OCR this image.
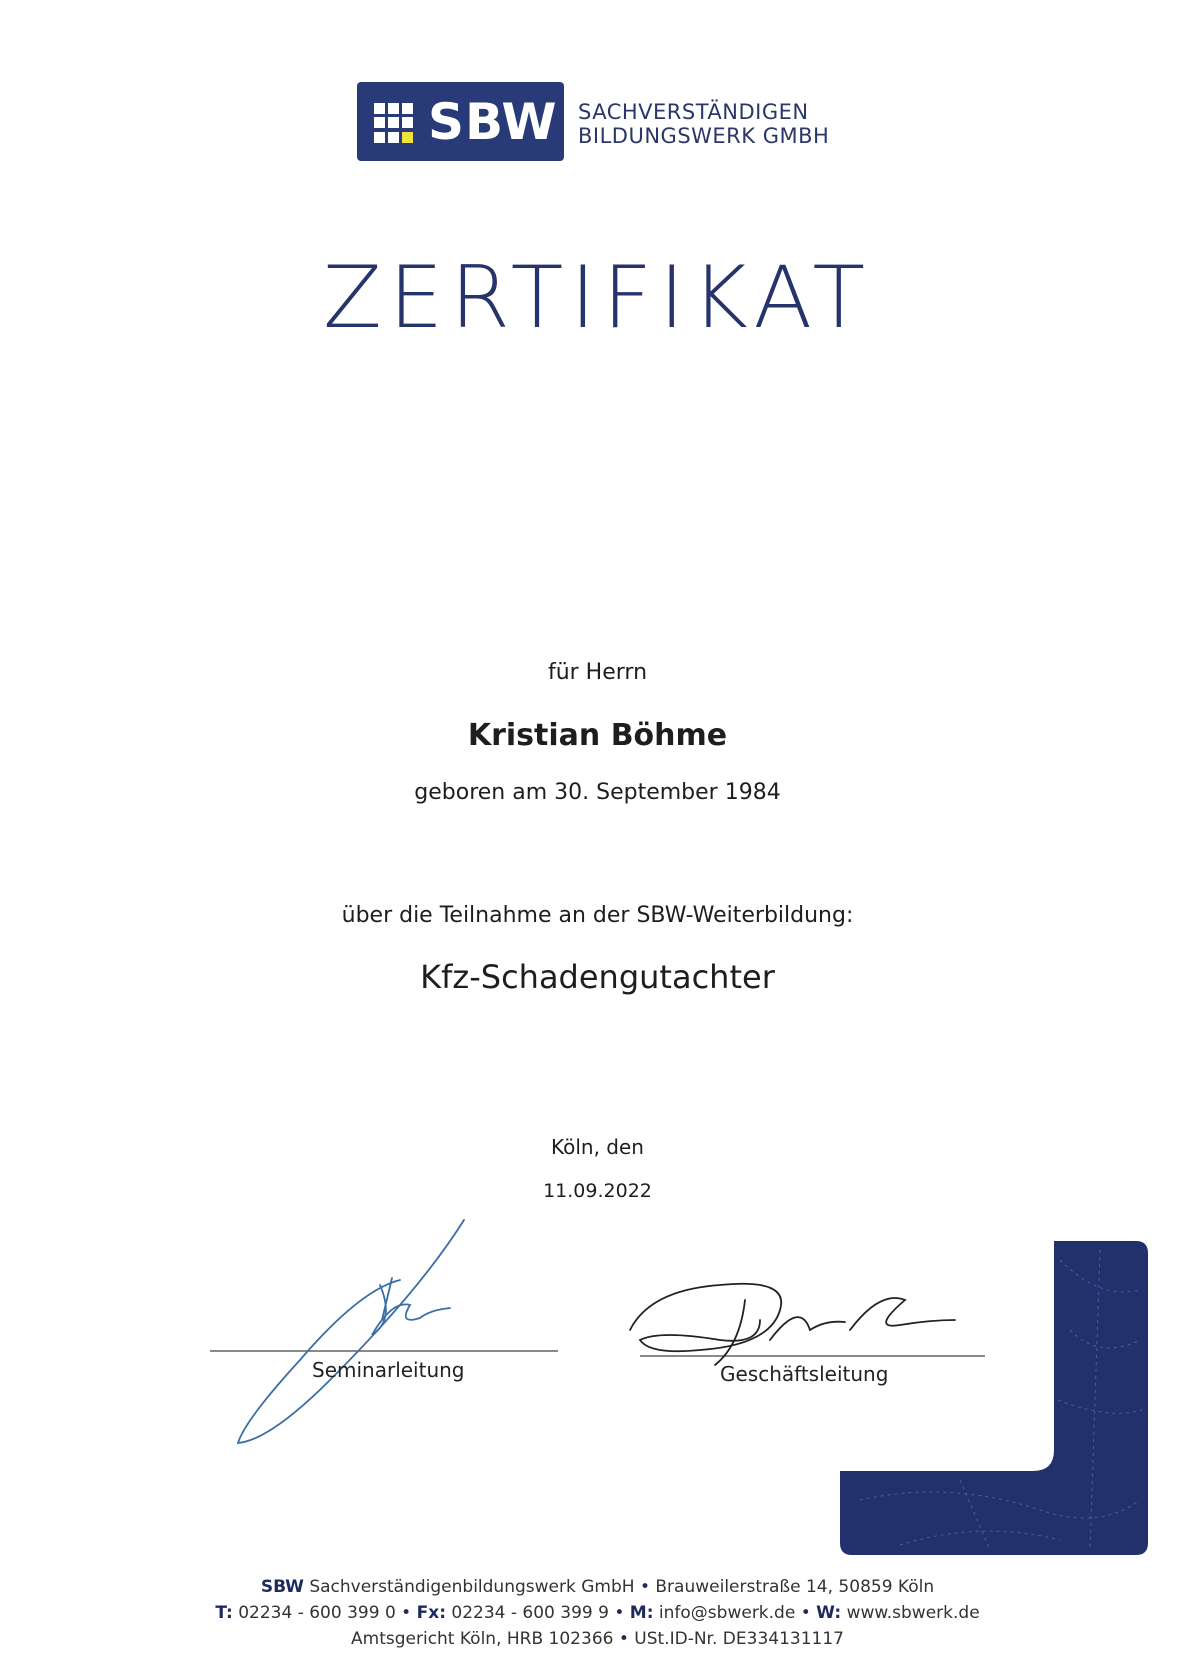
SBW SACHVERSTÄNDIGEN
BILDUNGSWERK GMBH
ZERTIFIKAT
für Herrn
Kristian Böhme
geboren am 30. September 1984
über die Teilnahme an der SBW-Weiterbildung:
Kfz-Schadengutachter
Köln, den
11.09.2022
Seminarleitung	Geschäftsleitung
SBW Sachverständigenbildungswerk GmbH • Brauweilerstraße 14, 50859 Köln
T: 02234 - 600 399 0 • Fx: 02234 - 600 399 9 • M: info@sbwerk.de • W: www.sbwerk.de
Amtsgericht Köln, HRB 102366 • USt.ID-Nr. DE334131117
